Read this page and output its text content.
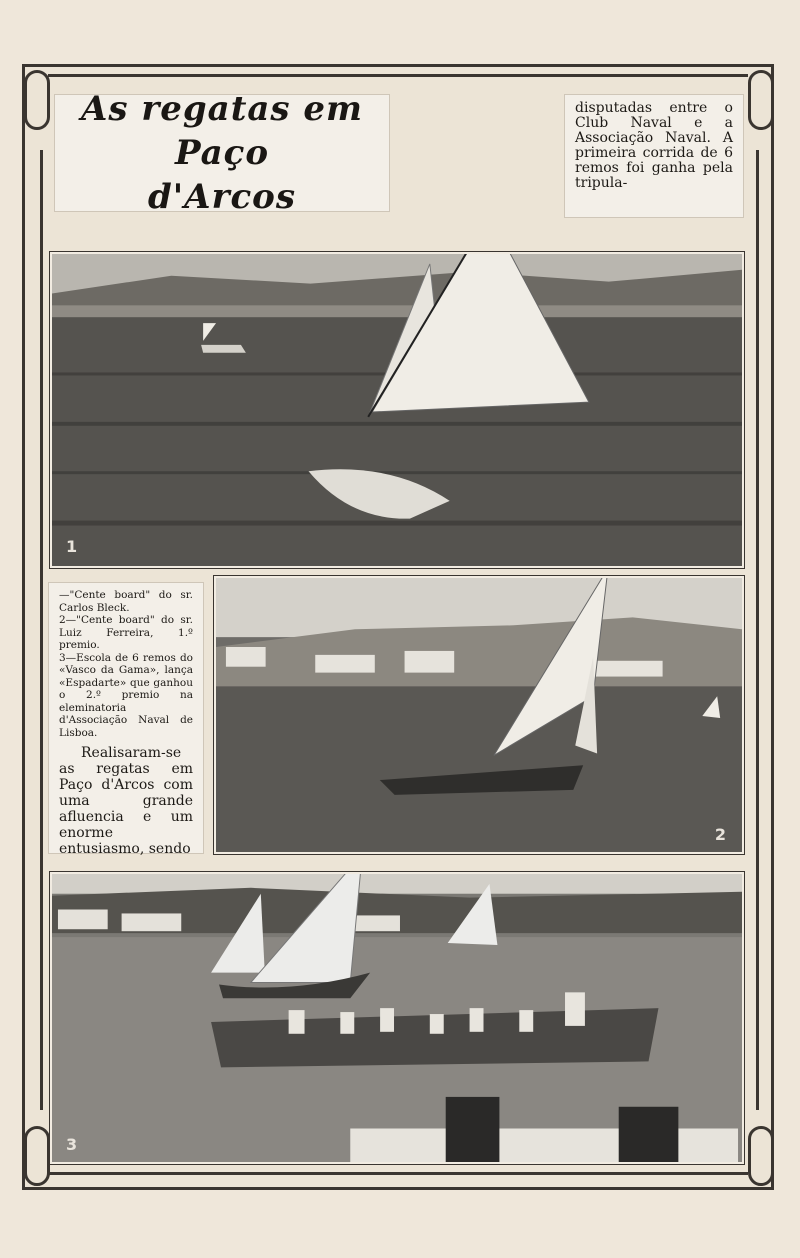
1
As regatas em Paço
d'Arcos

disputadas entre o Club Naval e a Associação Naval. A primeira corrida de 6 remos foi ganha pela tripula-

2

—"Cente board" do sr. Carlos Bleck.

2—"Cente board" do sr. Luiz Ferreira, 1.º premio.

3—Escola de 6 remos do «Vasco da Gama», lança «Espadarte» que ganhou o 2.º premio na eleminatoria d'Associação Naval de Lisboa.

Realisaram-se as regatas em Paço d'Arcos com uma grande afluencia e um enorme entusiasmo, sendo

3
